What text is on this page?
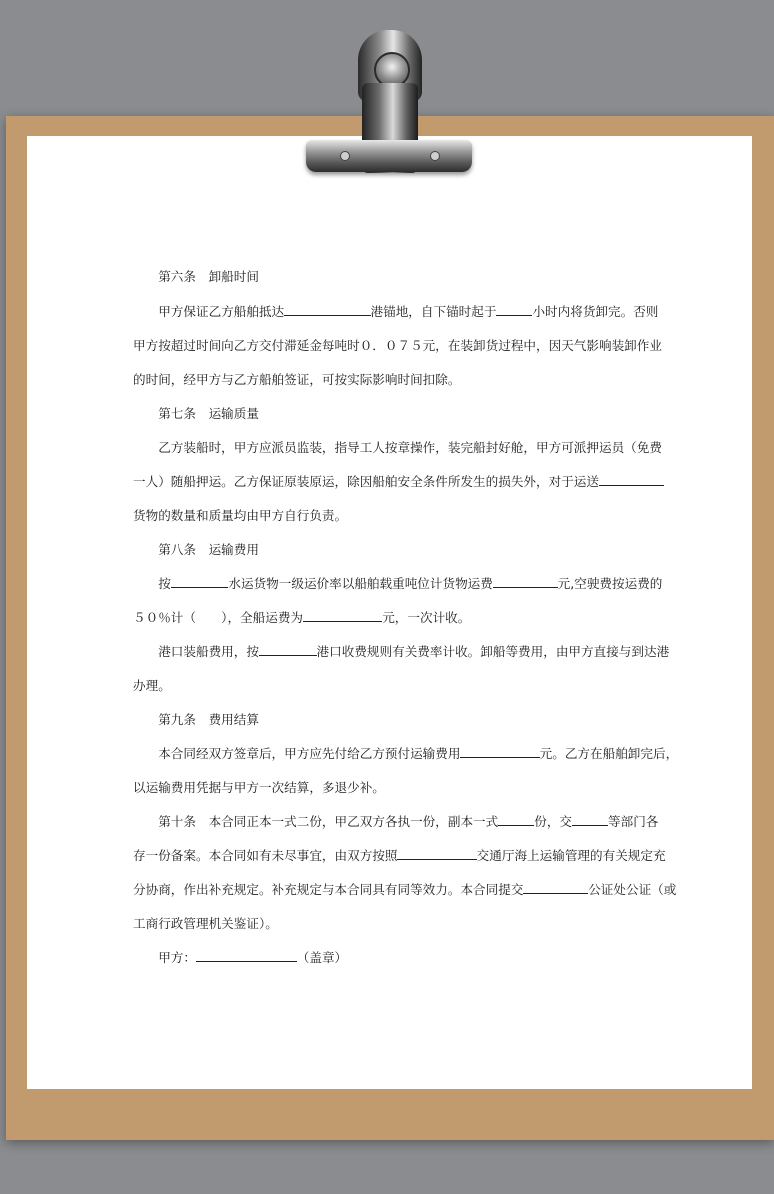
　　第六条　卸船时间
　　甲方保证乙方船舶抵达	港锚地，自下锚时起于	小时内将货卸完。否则
甲方按超过时间向乙方交付滞延金每吨时０．０７５元，在装卸货过程中，因天气影响装卸作业
的时间，经甲方与乙方船舶签证，可按实际影响时间扣除。
　　第七条　运输质量
　　乙方装船时，甲方应派员监装，指导工人按章操作，装完船封好舱，甲方可派押运员（免费
一人）随船押运。乙方保证原装原运，除因船舶安全条件所发生的损失外，对于运送
货物的数量和质量均由甲方自行负责。
　　第八条　运输费用
　　按	水运货物一级运价率以船舶载重吨位计货物运费	元,空驶费按运费的
５０％计（　　），全船运费为	元，一次计收。
　　港口装船费用，按	港口收费规则有关费率计收。卸船等费用，由甲方直接与到达港
办理。
　　第九条　费用结算
　　本合同经双方签章后，甲方应先付给乙方预付运输费用	元。乙方在船舶卸完后，
以运输费用凭据与甲方一次结算，多退少补。
　　第十条　本合同正本一式二份，甲乙双方各执一份，副本一式	份，交	等部门各
存一份备案。本合同如有未尽事宜，由双方按照	交通厅海上运输管理的有关规定充
分协商，作出补充规定。补充规定与本合同具有同等效力。本合同提交	公证处公证（或
工商行政管理机关鉴证）。
　　甲方：	（盖章）
